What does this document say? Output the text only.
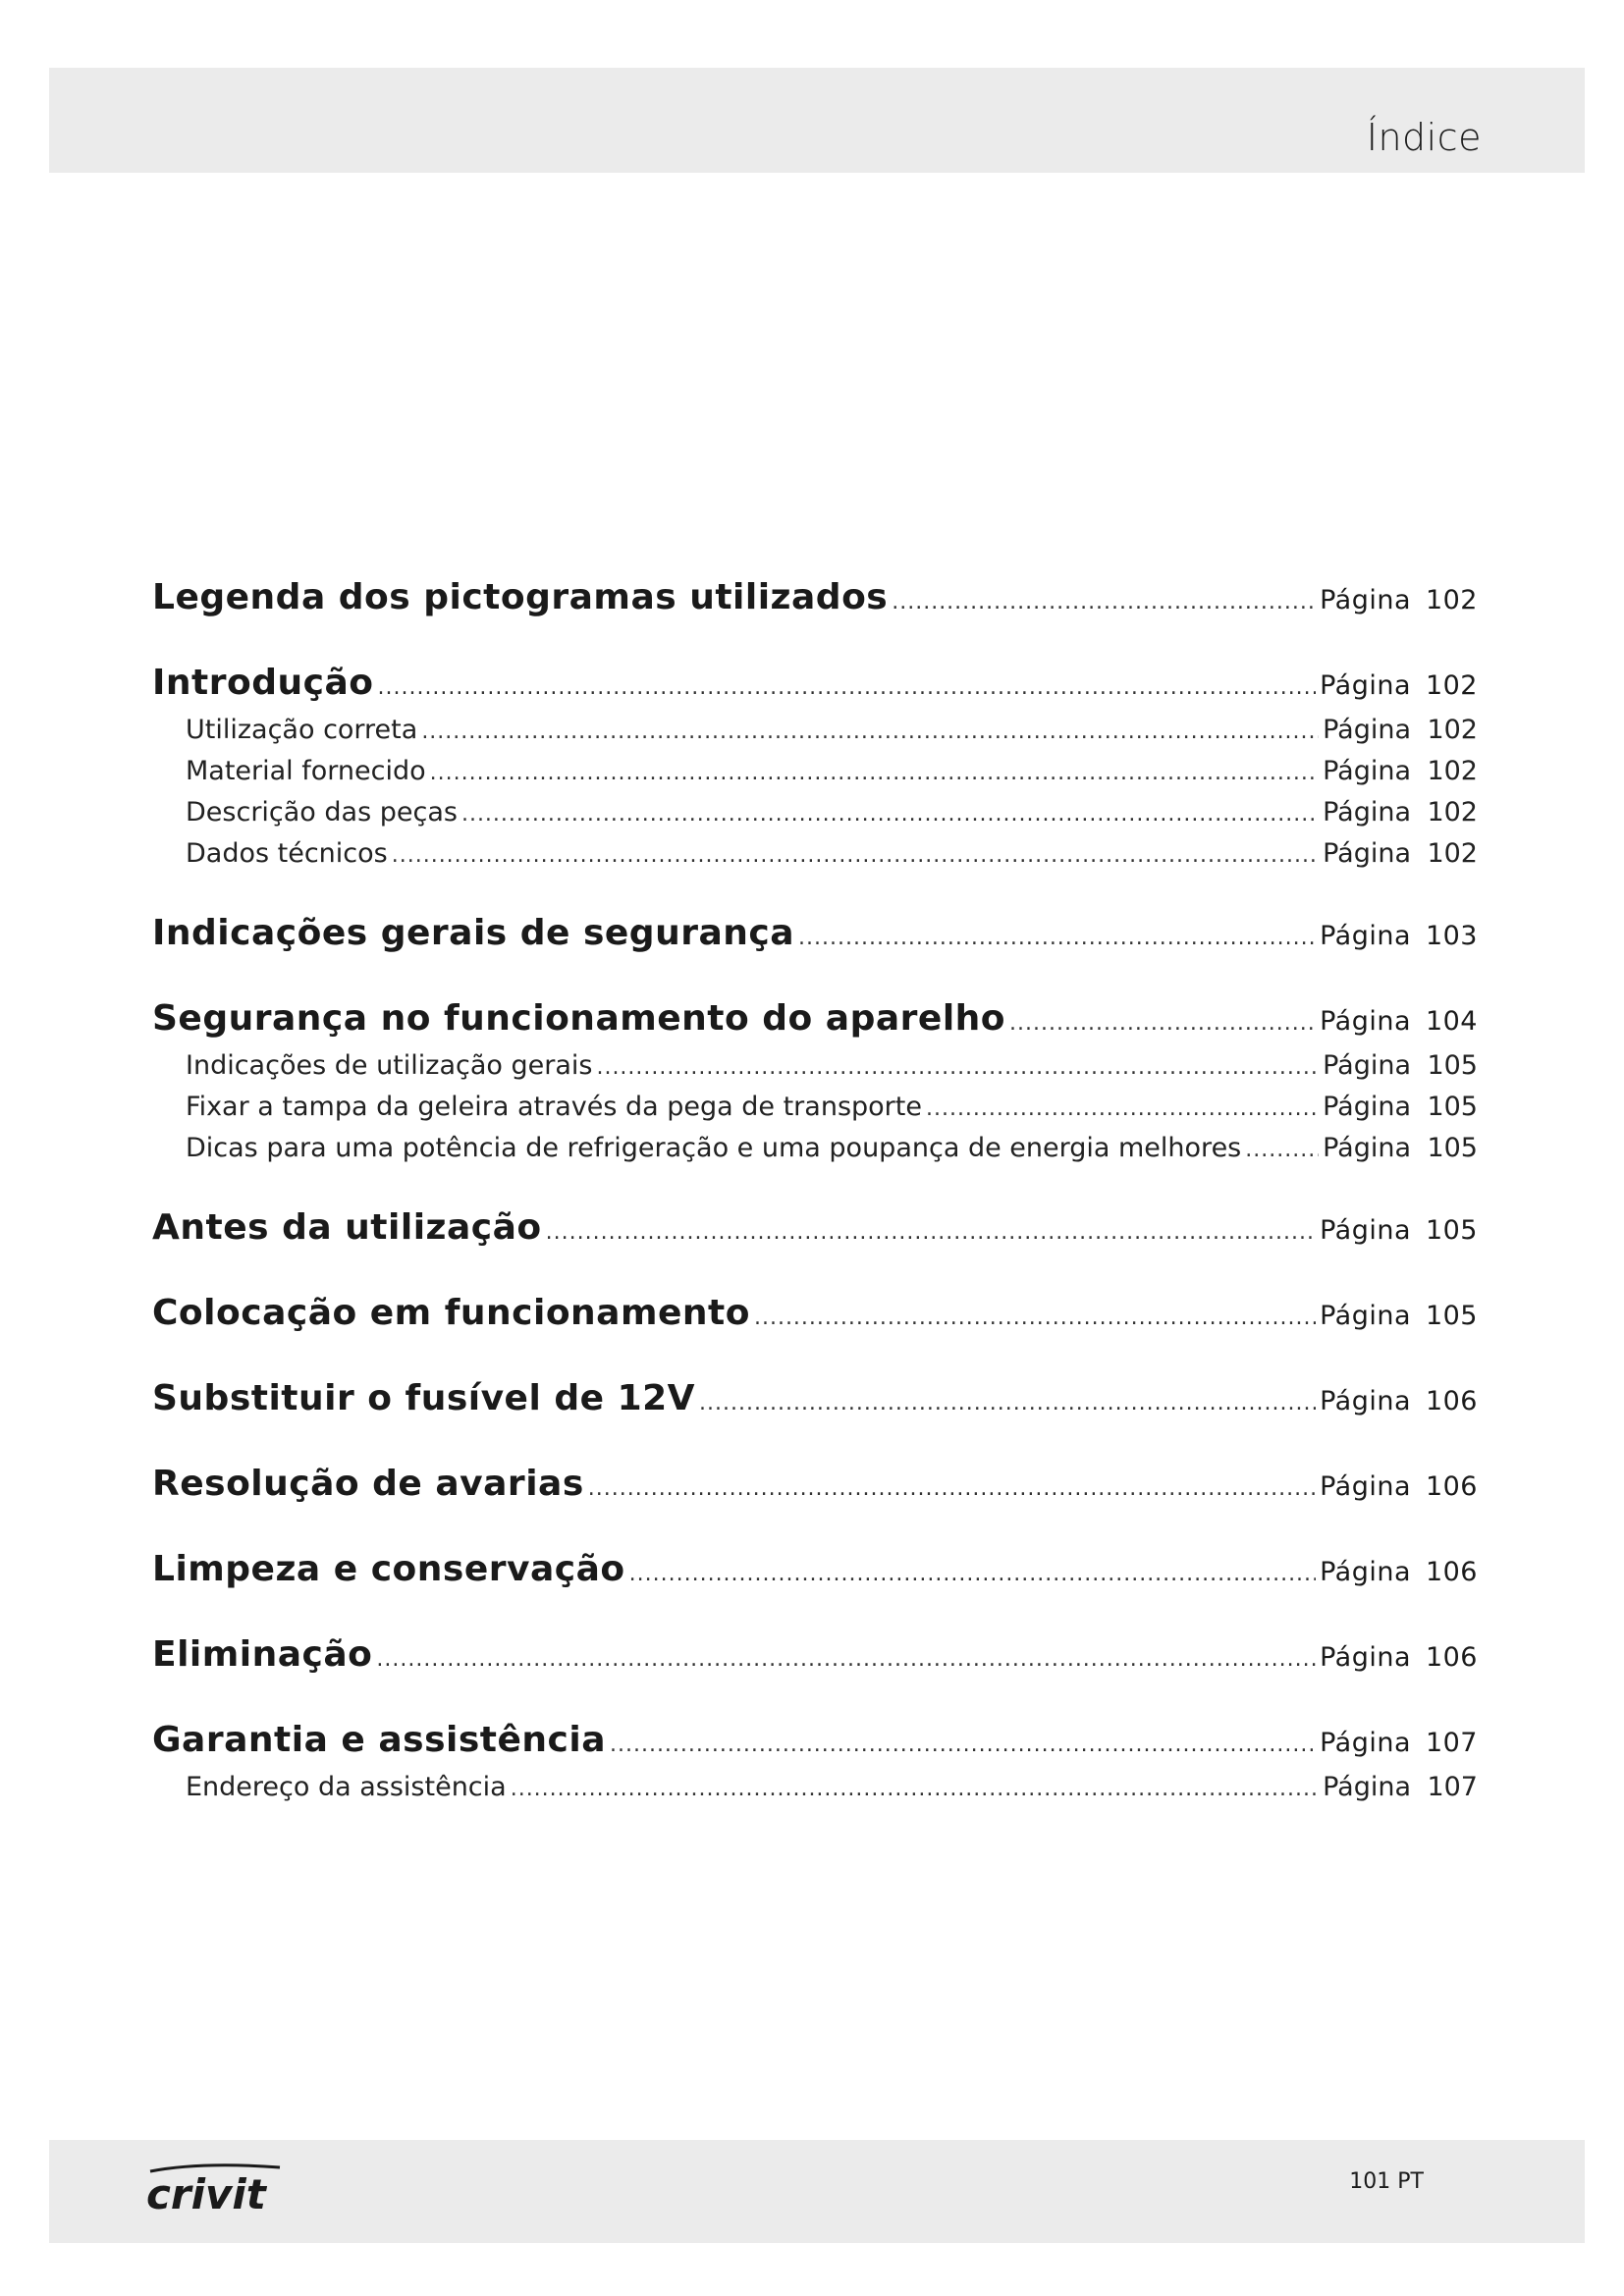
Índice
Legenda dos pictogramas utilizados .....	Página 102
Introdução .....	Página 102
Utilização correta .....	Página 102
Material fornecido .....	Página 102
Descrição das peças .....	Página 102
Dados técnicos .....	Página 102
Indicações gerais de segurança .....	Página 103
Segurança no funcionamento do aparelho .....	Página 104
Indicações de utilização gerais .....	Página 105
Fixar a tampa da geleira através da pega de transporte .....	Página 105
Dicas para uma potência de refrigeração e uma poupança de energia melhores .....	Página 105
Antes da utilização .....	Página 105
Colocação em funcionamento .....	Página 105
Substituir o fusível de 12V .....	Página 106
Resolução de avarias .....	Página 106
Limpeza e conservação .....	Página 106
Eliminação .....	Página 106
Garantia e assistência .....	Página 107
Endereço da assistência .....	Página 107
crivit	101 PT
